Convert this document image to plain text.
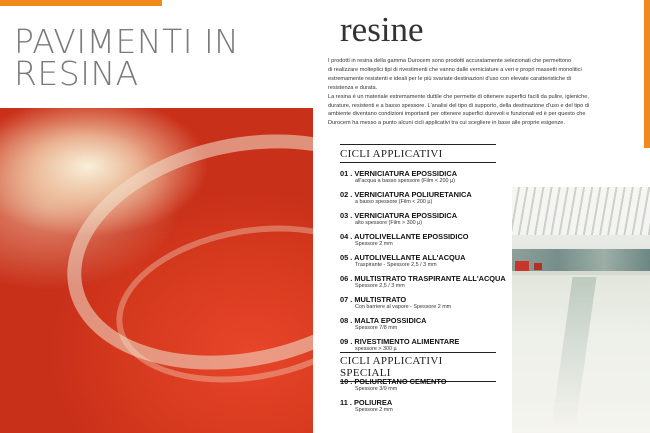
PAVIMENTI IN
RESINA
resine

I prodotti in resina della gamma Durocem sono prodotti accuratamente selezionati che permettono

di realizzare molteplici tipi di rivestimenti che vanno dalle verniciature a veri e propri massetti monolitici

estremamente resistenti e ideali per le più svariate destinazioni d'uso con elevate caratteristiche di

resistenza e durata.

La resina è un materiale estremamente duttile che permette di ottenere superfici facili da pulire, igieniche,

durature, resistenti e a basso spessore. L'analisi del tipo di supporto, della destinazione d'uso e del tipo di

ambiente diventano condizioni importanti per ottenere superfici durevoli e funzionali ed è per questo che

Durocem ha messo a punto alcuni cicli applicativi tra cui scegliere in base alle proprie esigenze.

CICLI APPLICATIVI
01 . VERNICIATURA EPOSSIDICA
all'acqua a basso spessore (Film < 200 µ)
02 . VERNICIATURA POLIURETANICA
a basso spessore (Film < 200 µ)
03 . VERNICIATURA EPOSSIDICA
alto spessore (Film > 300 µ)
04 . AUTOLIVELLANTE EPOSSIDICO
Spessore 2 mm
05 . AUTOLIVELLANTE ALL'ACQUA
Traspirante - Spessore 2,5 / 3 mm
06 . MULTISTRATO TRASPIRANTE ALL'ACQUA
Spessore 2,5 / 3 mm
07 . MULTISTRATO
Con barriere al vapore - Spessore 2 mm
08 . MALTA EPOSSIDICA
Spessore 7/8 mm
09 . RIVESTIMENTO ALIMENTARE
spessore > 300 µ
CICLI APPLICATIVI SPECIALI
10 . POLIURETANO CEMENTO
Spessore 3/9 mm
11 . POLIUREA
Spessore 2 mm
